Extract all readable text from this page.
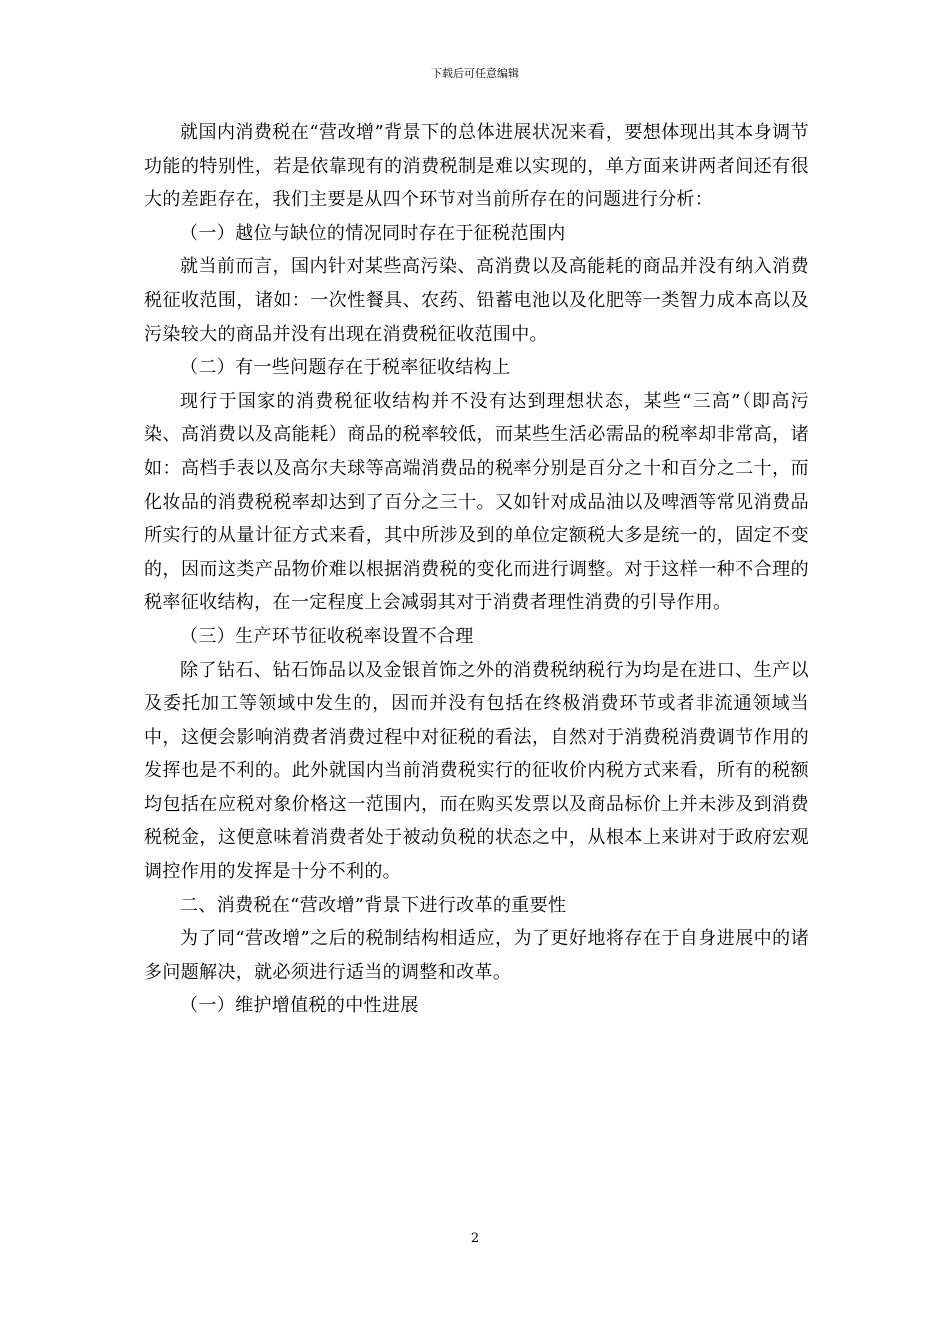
下载后可任意编辑

就国内消费税在“营改增”背景下的总体进展状况来看，要想体现出其本身调节功能的特别性，若是依靠现有的消费税制是难以实现的，单方面来讲两者间还有很大的差距存在，我们主要是从四个环节对当前所存在的问题进行分析：

（一）越位与缺位的情况同时存在于征税范围内

就当前而言，国内针对某些高污染、高消费以及高能耗的商品并没有纳入消费税征收范围，诸如：一次性餐具、农药、铅蓄电池以及化肥等一类智力成本高以及污染较大的商品并没有出现在消费税征收范围中。

（二）有一些问题存在于税率征收结构上

现行于国家的消费税征收结构并不没有达到理想状态，某些“三高”（即高污染、高消费以及高能耗）商品的税率较低，而某些生活必需品的税率却非常高，诸如：高档手表以及高尔夫球等高端消费品的税率分别是百分之十和百分之二十，而化妆品的消费税税率却达到了百分之三十。又如针对成品油以及啤酒等常见消费品所实行的从量计征方式来看，其中所涉及到的单位定额税大多是统一的，固定不变的，因而这类产品物价难以根据消费税的变化而进行调整。对于这样一种不合理的税率征收结构，在一定程度上会减弱其对于消费者理性消费的引导作用。

（三）生产环节征收税率设置不合理

除了钻石、钻石饰品以及金银首饰之外的消费税纳税行为均是在进口、生产以及委托加工等领域中发生的，因而并没有包括在终极消费环节或者非流通领域当中，这便会影响消费者消费过程中对征税的看法，自然对于消费税消费调节作用的发挥也是不利的。此外就国内当前消费税实行的征收价内税方式来看，所有的税额均包括在应税对象价格这一范围内，而在购买发票以及商品标价上并未涉及到消费税税金，这便意味着消费者处于被动负税的状态之中，从根本上来讲对于政府宏观调控作用的发挥是十分不利的。

二、消费税在“营改增”背景下进行改革的重要性

为了同“营改增”之后的税制结构相适应，为了更好地将存在于自身进展中的诸多问题解决，就必须进行适当的调整和改革。

（一）维护增值税的中性进展

2
